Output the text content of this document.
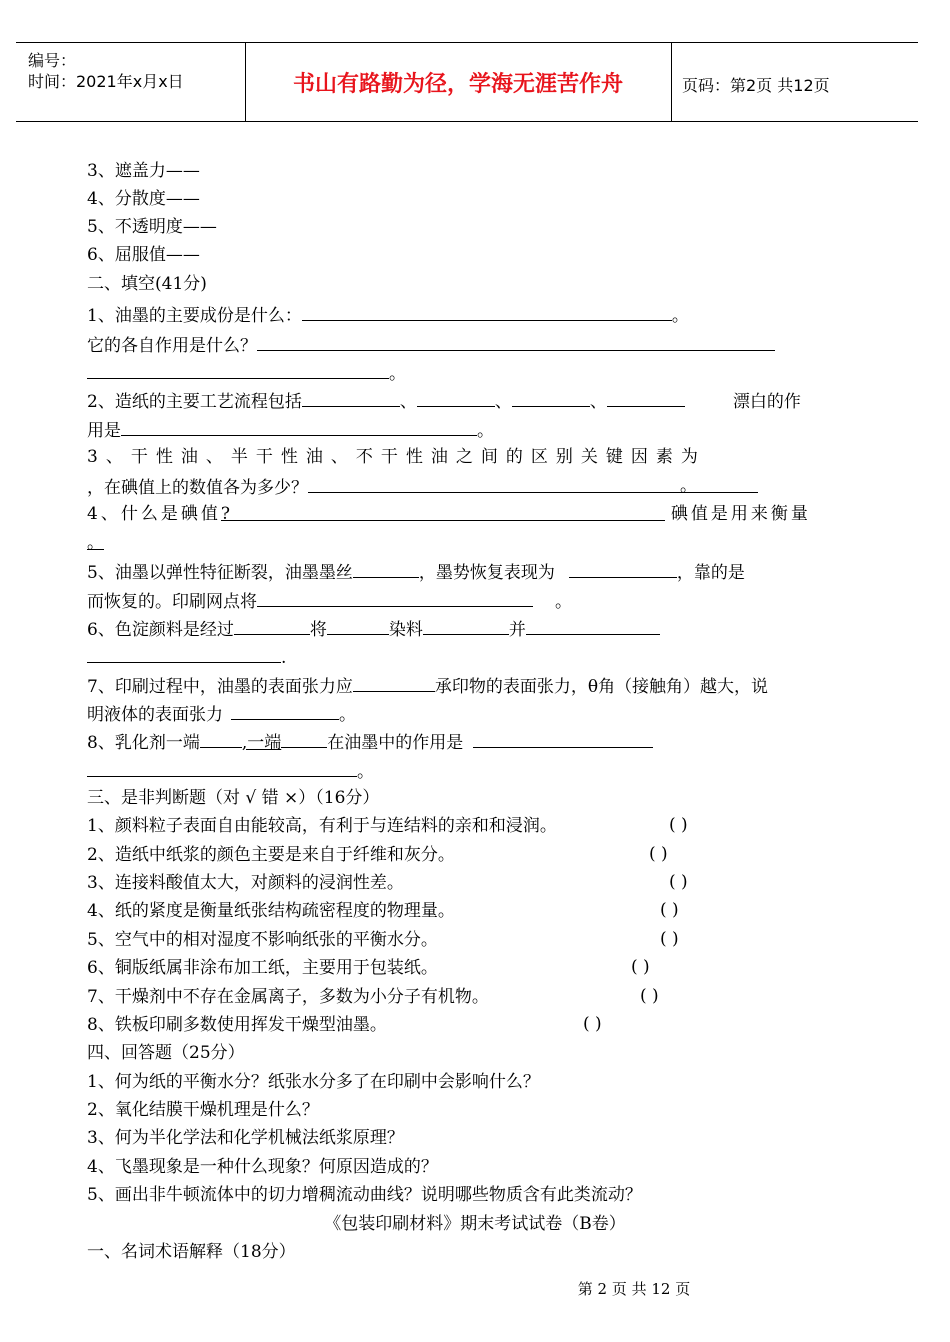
编号：
时间：2021年x月x日	书山有路勤为径，学海无涯苦作舟	页码：第2页 共12页
3、遮盖力——
4、分散度——
5、不透明度——
6、屈服值——
二、填空(41分)
1、油墨的主要成份是什么：	。
它的各自作用是什么？
。
2、造纸的主要工艺流程包括	、	、	、	漂白的作
用是	。
3、干性油、半干性油、不干性油之间的区别关键因素为
，在碘值上的数值各为多少？	。
4、什么是碘值?	碘值是用来衡量
。
5、油墨以弹性特征断裂，油墨墨丝	，墨势恢复表现为	，靠的是
而恢复的。印刷网点将	。
6、色淀颜料是经过	将	染料	并
.
7、印刷过程中，油墨的表面张力应	承印物的表面张力，θ角（接触角）越大，说
明液体的表面张力	。
8、乳化剂一端 ,一端	在油墨中的作用是
。
三、是非判断题（对 √ 错 ×）（16分）
1、颜料粒子表面自由能较高，有利于与连结料的亲和和浸润。	( )
2、造纸中纸浆的颜色主要是来自于纤维和灰分。	( )
3、连接料酸值太大，对颜料的浸润性差。	( )
4、纸的紧度是衡量纸张结构疏密程度的物理量。	( )
5、空气中的相对湿度不影响纸张的平衡水分。	( )
6、铜版纸属非涂布加工纸，主要用于包装纸。	( )
7、干燥剂中不存在金属离子，多数为小分子有机物。	( )
8、铁板印刷多数使用挥发干燥型油墨。	( )
四、回答题（25分）
1、何为纸的平衡水分？纸张水分多了在印刷中会影响什么？
2、氧化结膜干燥机理是什么？
3、何为半化学法和化学机械法纸浆原理？
4、飞墨现象是一种什么现象？何原因造成的？
5、画出非牛顿流体中的切力增稠流动曲线？说明哪些物质含有此类流动？
《包装印刷材料》期末考试试卷（B卷）
一、名词术语解释（18分）
第 2 页 共 12 页
